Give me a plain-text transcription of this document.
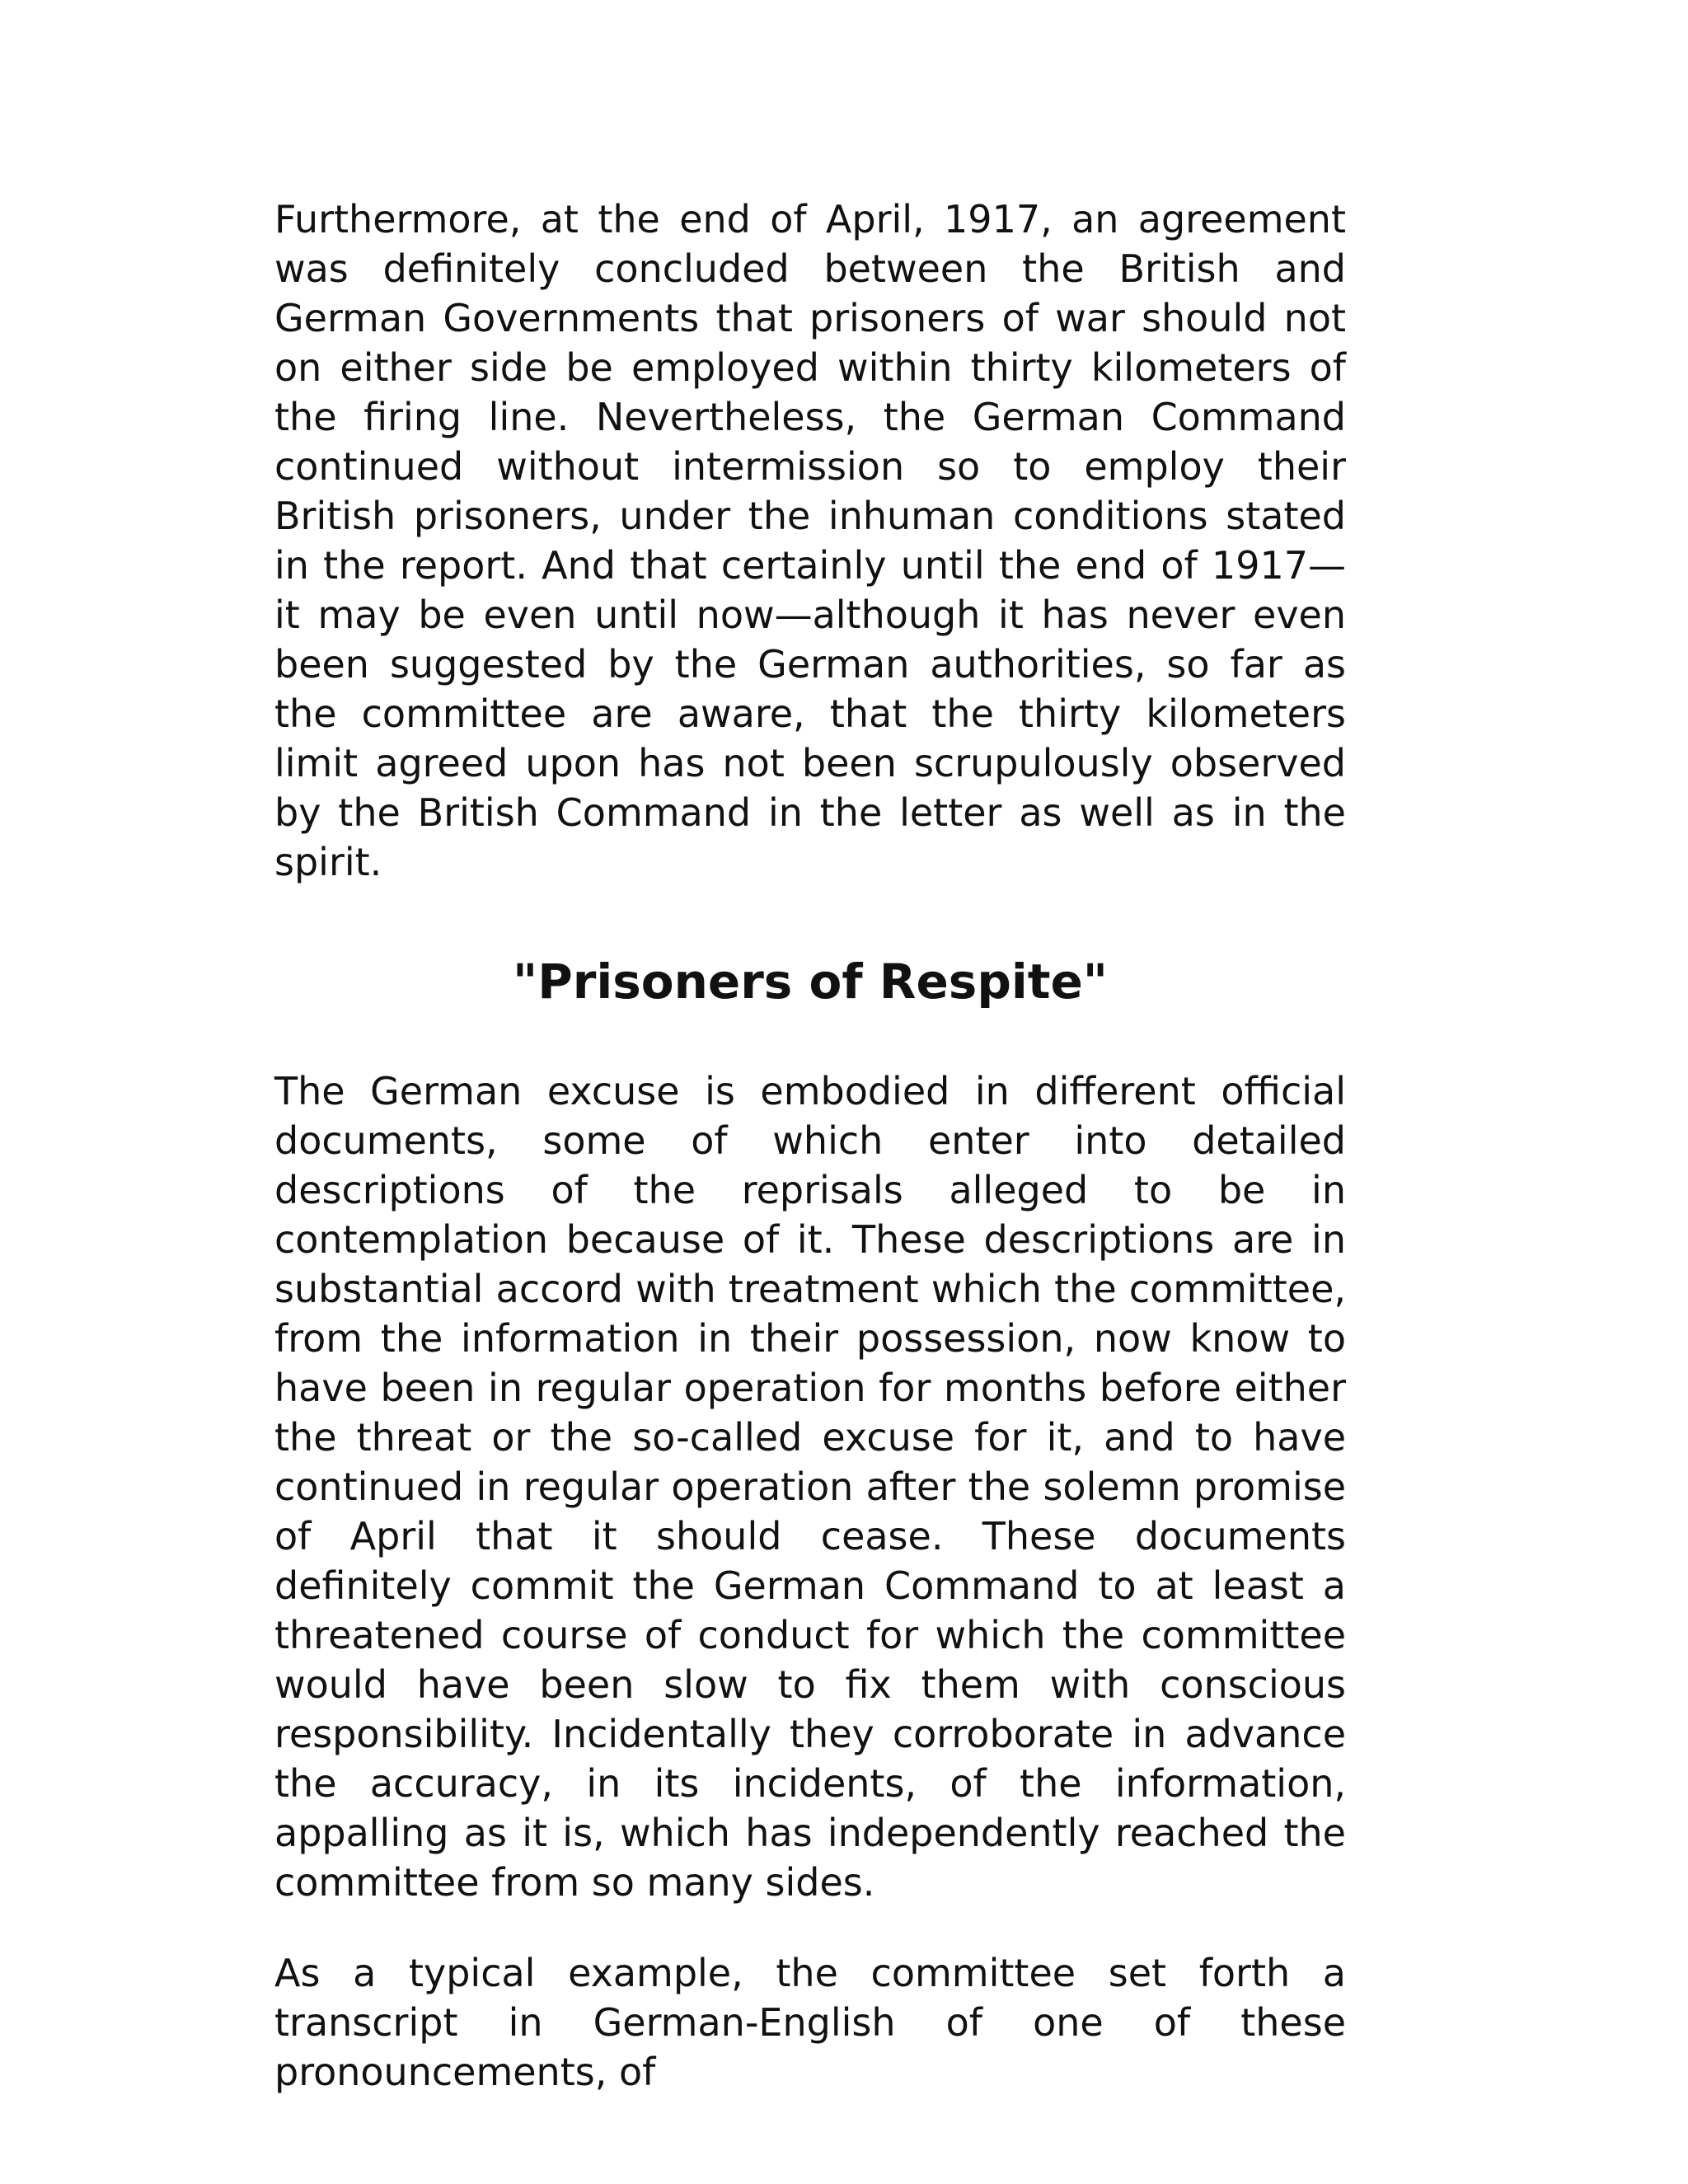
Furthermore, at the end of April, 1917, an agreement was definitely concluded between the British and German Governments that prisoners of war should not on either side be employed within thirty kilometers of the firing line. Nevertheless, the German Command continued without intermission so to employ their British prisoners, under the inhuman conditions stated in the report. And that certainly until the end of 1917—it may be even until now—although it has never even been suggested by the German authorities, so far as the committee are aware, that the thirty kilometers limit agreed upon has not been scrupulously observed by the British Command in the letter as well as in the spirit.

"Prisoners of Respite"

The German excuse is embodied in different official documents, some of which enter into detailed descriptions of the reprisals alleged to be in contemplation because of it. These descriptions are in substantial accord with treatment which the committee, from the information in their possession, now know to have been in regular operation for months before either the threat or the so-called excuse for it, and to have continued in regular operation after the solemn promise of April that it should cease. These documents definitely commit the German Command to at least a threatened course of conduct for which the committee would have been slow to fix them with conscious responsibility. Incidentally they corroborate in advance the accuracy, in its incidents, of the information, appalling as it is, which has independently reached the committee from so many sides.

As a typical example, the committee set forth a transcript in German-English of one of these pronouncements, of
